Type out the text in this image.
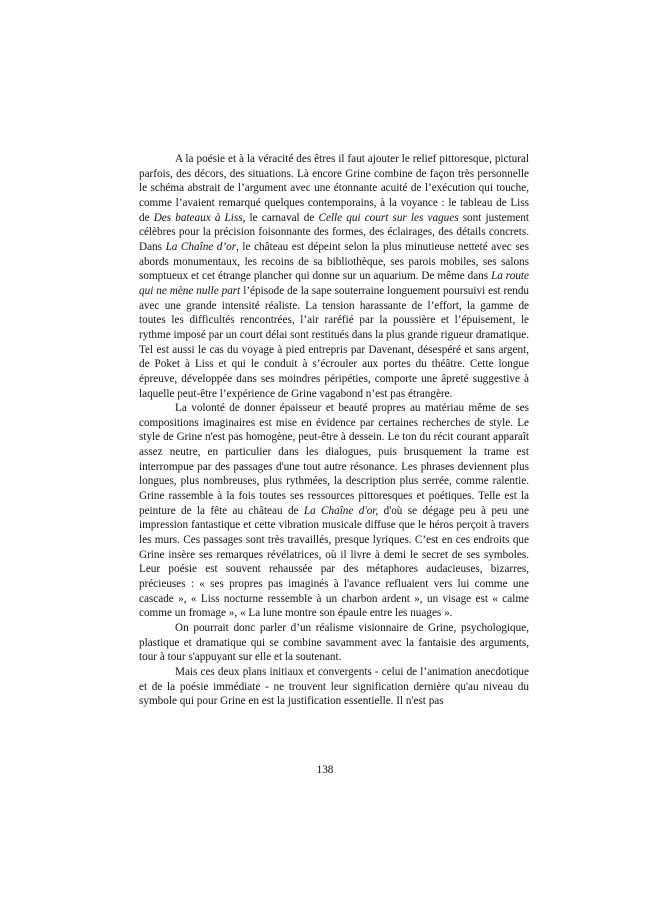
A la poésie et à la véracité des êtres il faut ajouter le relief pittoresque, pictural parfois, des décors, des situations. Là encore Grine combine de façon très personnelle le schéma abstrait de l’argument avec une étonnante acuité de l’exécution qui touche, comme l’avaient remarqué quelques contemporains, à la voyance : le tableau de Liss de Des bateaux à Liss, le carnaval de Celle qui court sur les vagues sont justement célèbres pour la précision foisonnante des formes, des éclairages, des détails concrets. Dans La Chaîne d’or, le château est dépeint selon la plus minutieuse netteté avec ses abords monumentaux, les recoins de sa bibliothèque, ses parois mobiles, ses salons somptueux et cet étrange plancher qui donne sur un aquarium. De même dans La route qui ne mène nulle part l’épisode de la sape souterraine longuement poursuivi est rendu avec une grande intensité réaliste. La tension harassante de l’effort, la gamme de toutes les difficultés rencontrées, l’air raréfié par la poussière et l’épuisement, le rythme imposé par un court délai sont restitués dans la plus grande rigueur dramatique. Tel est aussi le cas du voyage à pied entrepris par Davenant, désespéré et sans argent, de Poket à Liss et qui le conduit à s’écrouler aux portes du théâtre. Cette longue épreuve, développée dans ses moindres péripéties, comporte une âpreté suggestive à laquelle peut-être l’expérience de Grine vagabond n’est pas étrangère.

La volonté de donner épaisseur et beauté propres au matériau même de ses compositions imaginaires est mise en évidence par certaines recherches de style. Le style de Grine n'est pas homogène, peut-être à dessein. Le ton du récit courant apparaît assez neutre, en particulier dans les dialogues, puis brusquement la trame est interrompue par des passages d'une tout autre résonance. Les phrases deviennent plus longues, plus nombreuses, plus rythmées, la description plus serrée, comme ralentie. Grine rassemble à la fois toutes ses ressources pittoresques et poétiques. Telle est la peinture de la fête au château de La Chaîne d'or, d'où se dégage peu à peu une impression fantastique et cette vibration musicale diffuse que le héros perçoit à travers les murs. Ces passages sont très travaillés, presque lyriques. C’est en ces endroits que Grine insère ses remarques révélatrices, où il livre à demi le secret de ses symboles. Leur poésie est souvent rehaussée par des métaphores audacieuses, bizarres, précieuses : « ses propres pas imaginés à l'avance refluaient vers lui comme une cascade », « Liss nocturne ressemble à un charbon ardent », un visage est « calme comme un fromage », « La lune montre son épaule entre les nuages ».

On pourrait donc parler d’un réalisme visionnaire de Grine, psychologique, plastique et dramatique qui se combine savamment avec la fantaisie des arguments, tour à tour s'appuyant sur elle et la soutenant.

Mais ces deux plans initiaux et convergents - celui de l’animation anecdotique et de la poésie immédiate - ne trouvent leur signification dernière qu'au niveau du symbole qui pour Grine en est la justification essentielle. Il n'est pas

138
